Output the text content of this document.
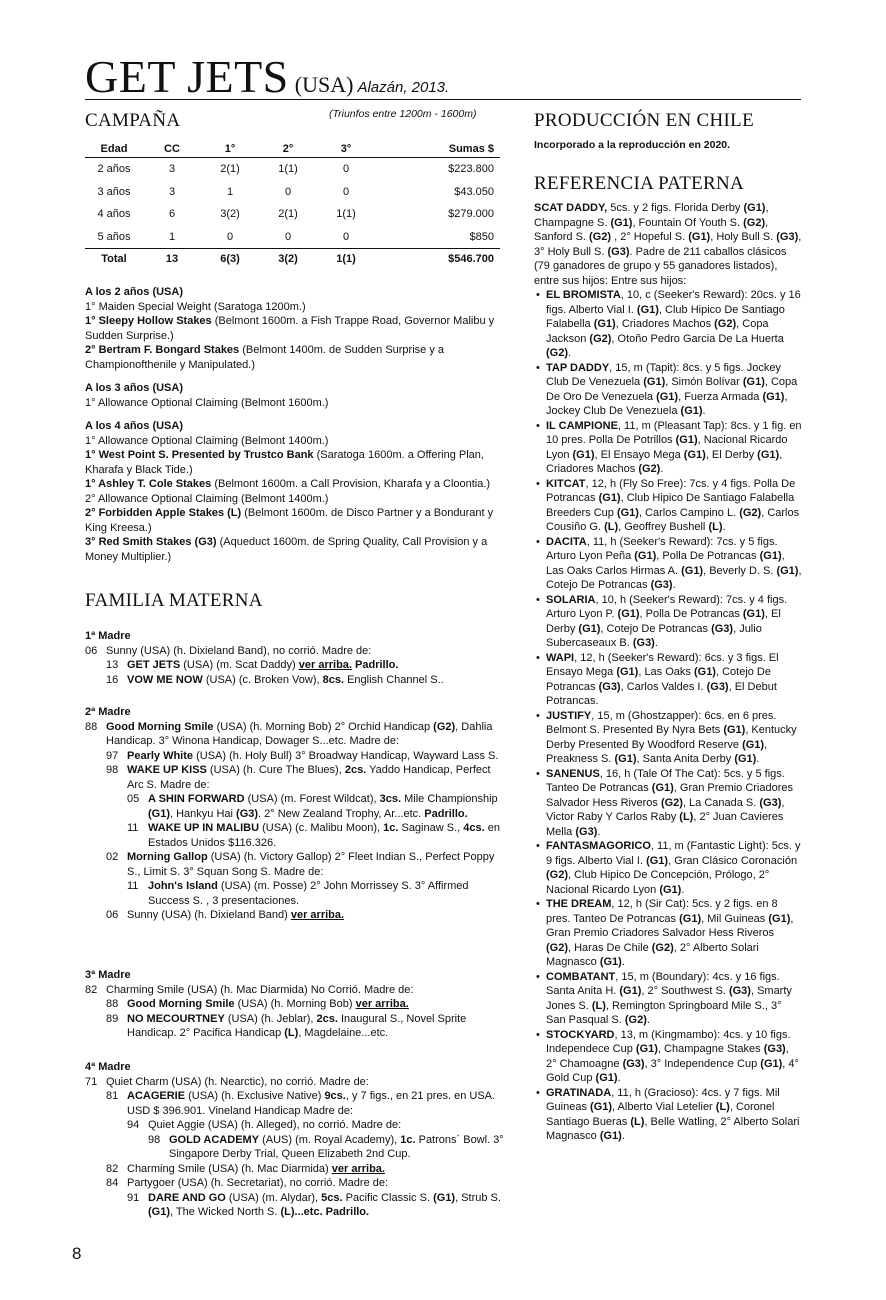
GET JETS (USA) Alazán, 2013.
CAMPAÑA	(Triunfos entre 1200m - 1600m)
Edad	CC	1°	2°	3°	Sumas $
2 años	3	2(1)	1(1)	0	$223.800
3 años	3	1	0	0	$43.050
4 años	6	3(2)	2(1)	1(1)	$279.000
5 años	1	0	0	0	$850
Total	13	6(3)	3(2)	1(1)	$546.700

A los 2 años (USA)

1° Maiden Special Weight (Saratoga 1200m.)

1° Sleepy Hollow Stakes (Belmont 1600m. a Fish Trappe Road, Governor Malibu y Sudden Surprise.)

2° Bertram F. Bongard Stakes (Belmont 1400m. de Sudden Surprise y a Championofthenile y Manipulated.)

A los 3 años (USA)

1° Allowance Optional Claiming (Belmont 1600m.)

A los 4 años (USA)

1° Allowance Optional Claiming (Belmont 1400m.)

1° West Point S. Presented by Trustco Bank (Saratoga 1600m. a Offering Plan, Kharafa y Black Tide.)

1° Ashley T. Cole Stakes (Belmont 1600m. a Call Provision, Kharafa y a Cloontia.)

2° Allowance Optional Claiming (Belmont 1400m.)

2° Forbidden Apple Stakes (L) (Belmont 1600m. de Disco Partner y a Bondurant y King Kreesa.)

3° Red Smith Stakes (G3) (Aqueduct 1600m. de Spring Quality, Call Provision y a Money Multiplier.)

FAMILIA MATERNA
1ª Madre
06 Sunny (USA) (h. Dixieland Band), no corrió. Madre de:
13 GET JETS (USA) (m. Scat Daddy) ver arriba. Padrillo.
16 VOW ME NOW (USA) (c. Broken Vow), 8cs. English Channel S..
2ª Madre
88 Good Morning Smile (USA) (h. Morning Bob) 2° Orchid Handicap (G2), Dahlia Handicap. 3° Winona Handicap, Dowager S...etc. Madre de:
97 Pearly White (USA) (h. Holy Bull) 3° Broadway Handicap, Wayward Lass S.
98 WAKE UP KISS (USA) (h. Cure The Blues), 2cs. Yaddo Handicap, Perfect Arc S. Madre de:
05 A SHIN FORWARD (USA) (m. Forest Wildcat), 3cs. Mile Championship (G1), Hankyu Hai (G3). 2° New Zealand Trophy, Ar...etc. Padrillo.
11 WAKE UP IN MALIBU (USA) (c. Malibu Moon), 1c. Saginaw S., 4cs. en Estados Unidos $116.326.
02 Morning Gallop (USA) (h. Victory Gallop) 2° Fleet Indian S., Perfect Poppy S., Limit S. 3° Squan Song S. Madre de:
11 John's Island (USA) (m. Posse) 2° John Morrissey S. 3° Affirmed Success S. , 3 presentaciones.
06 Sunny (USA) (h. Dixieland Band) ver arriba.
3ª Madre
82 Charming Smile (USA) (h. Mac Diarmida) No Corrió. Madre de:
88 Good Morning Smile (USA) (h. Morning Bob) ver arriba.
89 NO MECOURTNEY (USA) (h. Jeblar), 2cs. Inaugural S., Novel Sprite Handicap. 2° Pacifica Handicap (L), Magdelaine...etc.
4ª Madre
71 Quiet Charm (USA) (h. Nearctic), no corrió. Madre de:
81 ACAGERIE (USA) (h. Exclusive Native) 9cs., y 7 figs., en 21 pres. en USA. USD $ 396.901. Vineland Handicap Madre de:
94 Quiet Aggie (USA) (h. Alleged), no corrió. Madre de:
98 GOLD ACADEMY (AUS) (m. Royal Academy), 1c. Patrons´ Bowl. 3° Singapore Derby Trial, Queen Elizabeth 2nd Cup.
82 Charming Smile (USA) (h. Mac Diarmida) ver arriba.
84 Partygoer (USA) (h. Secretariat), no corrió. Madre de:
91 DARE AND GO (USA) (m. Alydar), 5cs. Pacific Classic S. (G1), Strub S. (G1), The Wicked North S. (L)...etc. Padrillo.
PRODUCCIÓN EN CHILE
Incorporado a la reproducción en 2020.
REFERENCIA PATERNA

SCAT DADDY, 5cs. y 2 figs. Florida Derby (G1), Champagne S. (G1), Fountain Of Youth S. (G2), Sanford S. (G2) , 2° Hopeful S. (G1), Holy Bull S. (G3), 3° Holy Bull S. (G3). Padre de 211 caballos clásicos (79 ganadores de grupo y 55 ganadores listados), entre sus hijos: Entre sus hijos:

• EL BROMISTA, 10, c (Seeker's Reward): 20cs. y 16 figs. Alberto Vial I. (G1), Club Hipico De Santiago Falabella (G1), Criadores Machos (G2), Copa Jackson (G2), Otoño Pedro Garcia De La Huerta (G2).
• TAP DADDY, 15, m (Tapit): 8cs. y 5 figs. Jockey Club De Venezuela (G1), Simón Bolívar (G1), Copa De Oro De Venezuela (G1), Fuerza Armada (G1), Jockey Club De Venezuela (G1).
• IL CAMPIONE, 11, m (Pleasant Tap): 8cs. y 1 fig. en 10 pres. Polla De Potrillos (G1), Nacional Ricardo Lyon (G1), El Ensayo Mega (G1), El Derby (G1), Criadores Machos (G2).
• KITCAT, 12, h (Fly So Free): 7cs. y 4 figs. Polla De Potrancas (G1), Club Hipico De Santiago Falabella Breeders Cup (G1), Carlos Campino L. (G2), Carlos Cousiño G. (L), Geoffrey Bushell (L).
• DACITA, 11, h (Seeker's Reward): 7cs. y 5 figs. Arturo Lyon Peña (G1), Polla De Potrancas (G1), Las Oaks Carlos Hirmas A. (G1), Beverly D. S. (G1), Cotejo De Potrancas (G3).
• SOLARIA, 10, h (Seeker's Reward): 7cs. y 4 figs. Arturo Lyon P. (G1), Polla De Potrancas (G1), El Derby (G1), Cotejo De Potrancas (G3), Julio Subercaseaux B. (G3).
• WAPI, 12, h (Seeker's Reward): 6cs. y 3 figs. El Ensayo Mega (G1), Las Oaks (G1), Cotejo De Potrancas (G3), Carlos Valdes I. (G3), El Debut Potrancas.
• JUSTIFY, 15, m (Ghostzapper): 6cs. en 6 pres. Belmont S. Presented By Nyra Bets (G1), Kentucky Derby Presented By Woodford Reserve (G1), Preakness S. (G1), Santa Anita Derby (G1).
• SANENUS, 16, h (Tale Of The Cat): 5cs. y 5 figs. Tanteo De Potrancas (G1), Gran Premio Criadores Salvador Hess Riveros (G2), La Canada S. (G3), Victor Raby Y Carlos Raby (L), 2° Juan Cavieres Mella (G3).
• FANTASMAGORICO, 11, m (Fantastic Light): 5cs. y 9 figs. Alberto Vial I. (G1), Gran Clásico Coronación (G2), Club Hipico De Concepción, Prólogo, 2° Nacional Ricardo Lyon (G1).
• THE DREAM, 12, h (Sir Cat): 5cs. y 2 figs. en 8 pres. Tanteo De Potrancas (G1), Mil Guineas (G1), Gran Premio Criadores Salvador Hess Riveros (G2), Haras De Chile (G2), 2° Alberto Solari Magnasco (G1).
• COMBATANT, 15, m (Boundary): 4cs. y 16 figs. Santa Anita H. (G1), 2° Southwest S. (G3), Smarty Jones S. (L), Remington Springboard Mile S., 3° San Pasqual S. (G2).
• STOCKYARD, 13, m (Kingmambo): 4cs. y 10 figs. Independece Cup (G1), Champagne Stakes (G3), 2° Chamoagne (G3), 3° Independence Cup (G1), 4° Gold Cup (G1).
• GRATINADA, 11, h (Gracioso): 4cs. y 7 figs. Mil Guineas (G1), Alberto Vial Letelier (L), Coronel Santiago Bueras (L), Belle Watling, 2° Alberto Solari Magnasco (G1).
8
